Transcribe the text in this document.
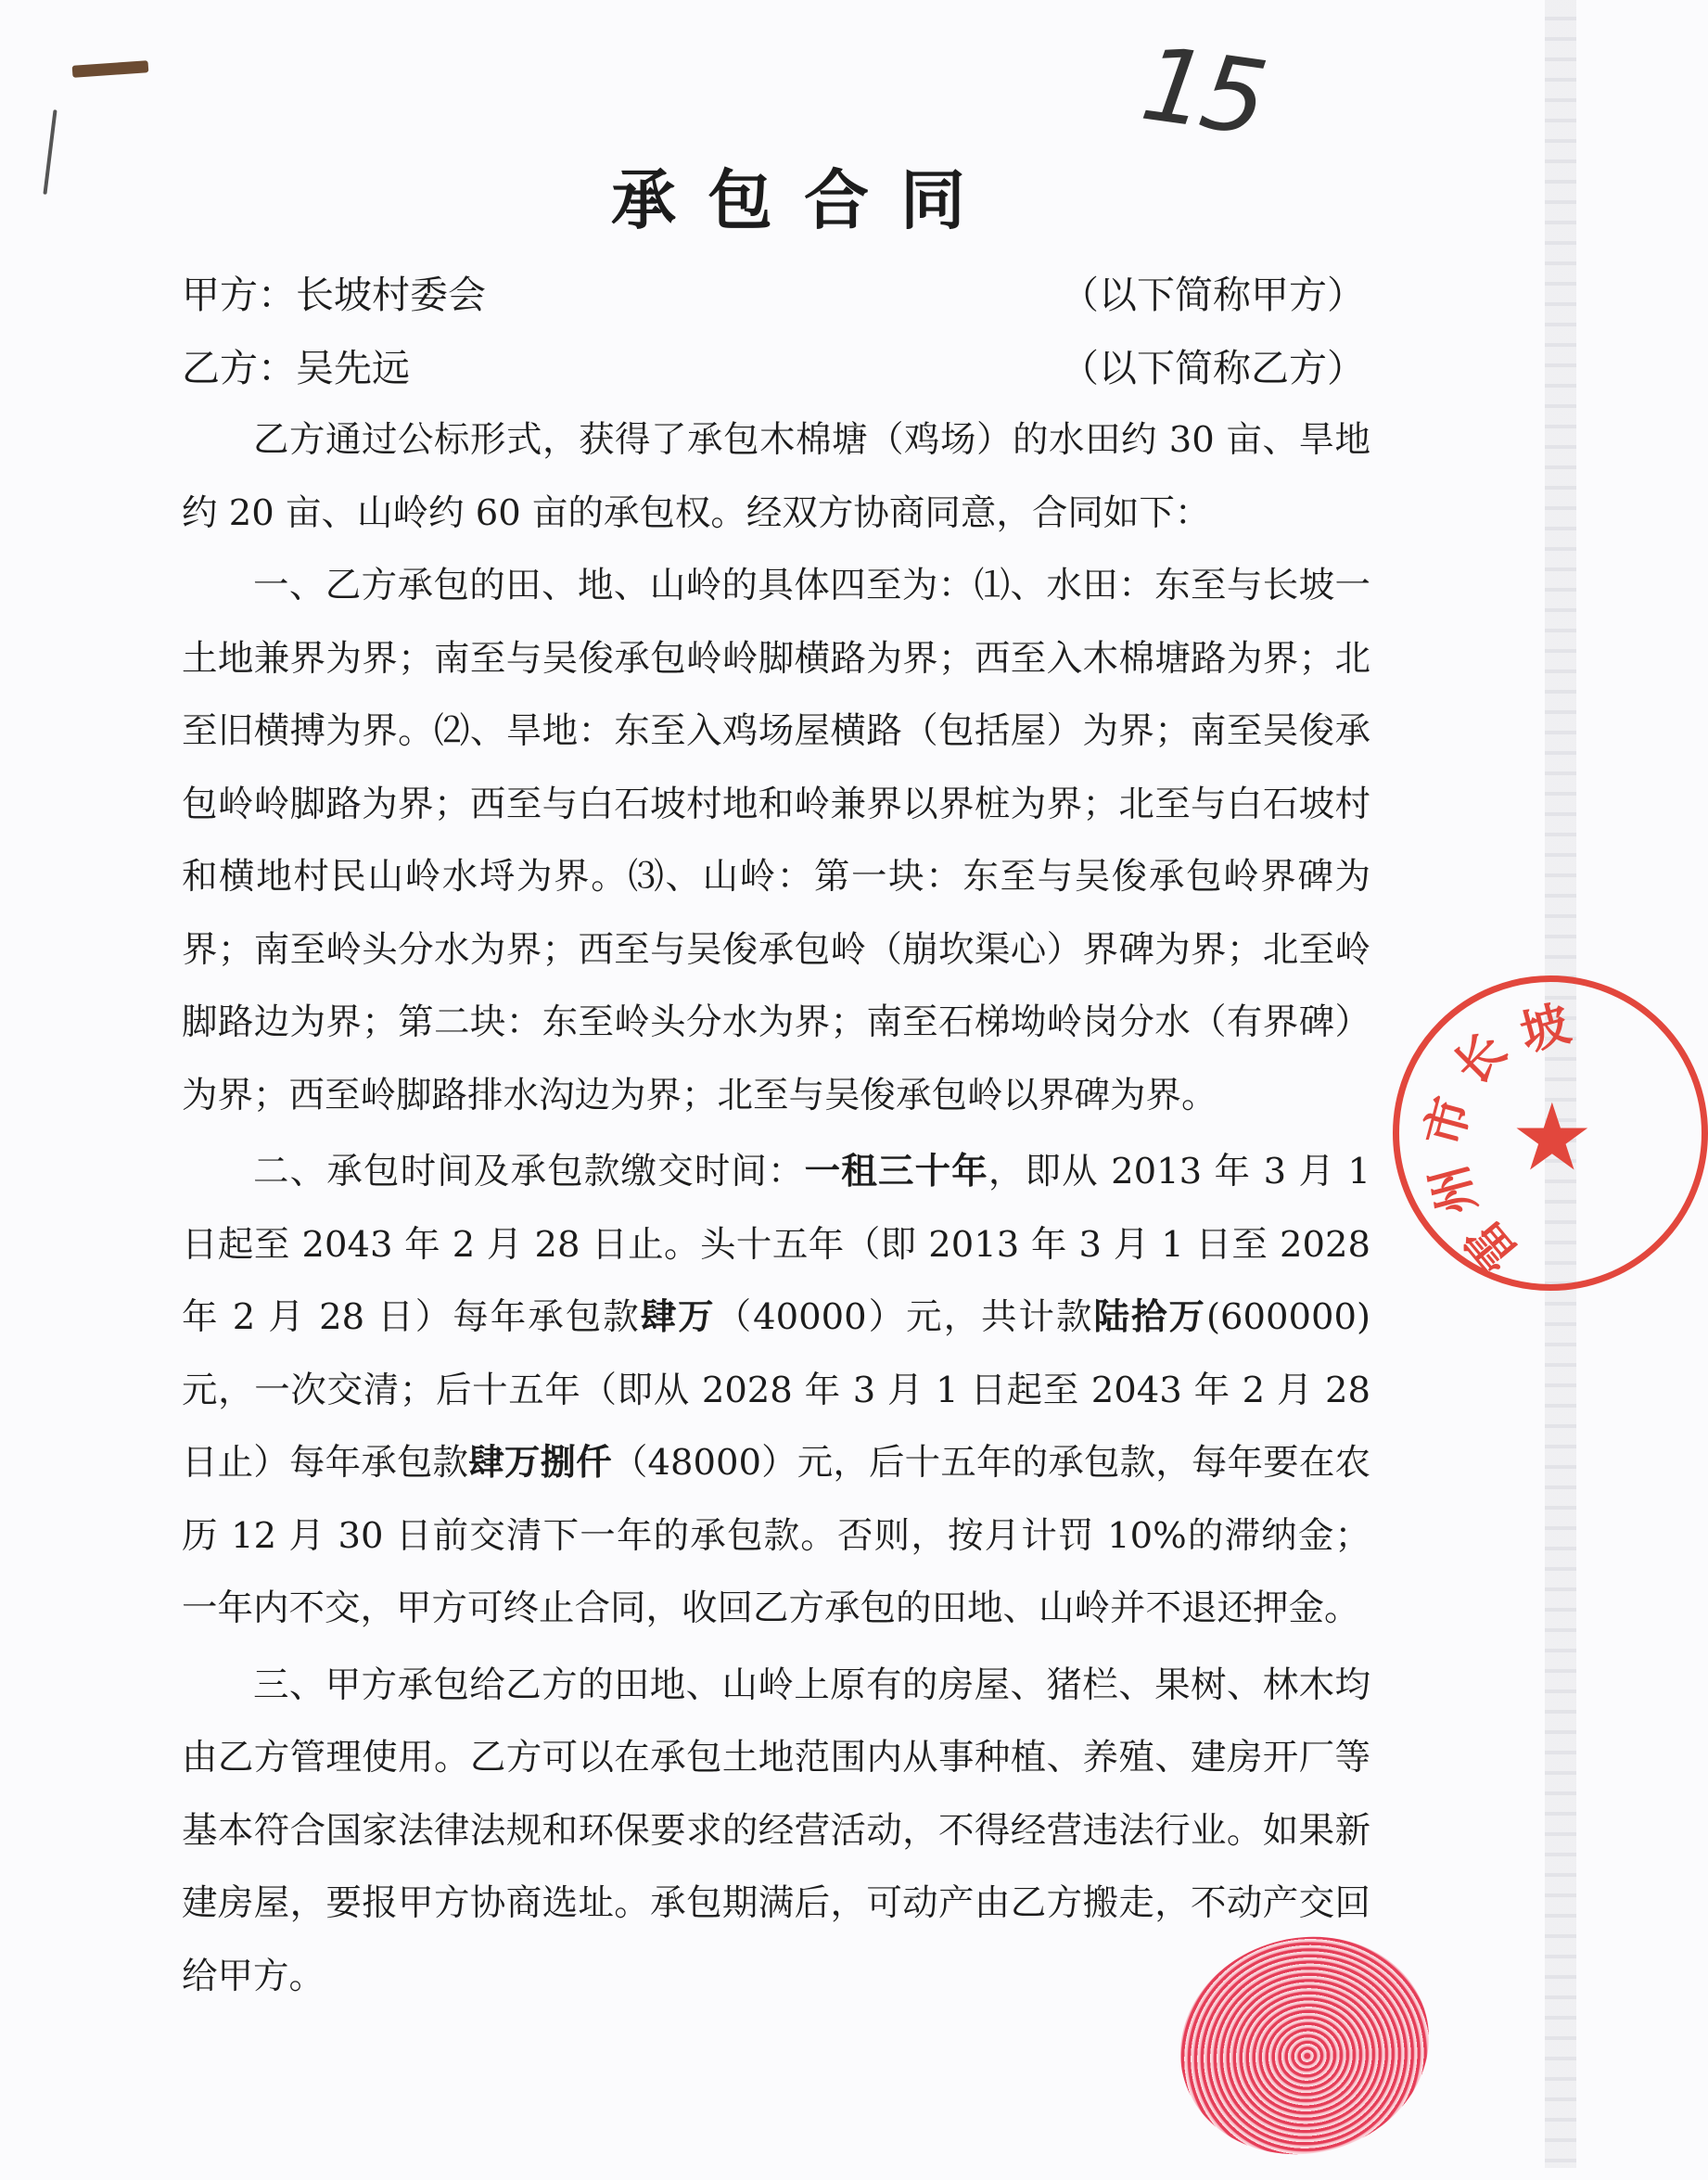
15
承包合同
甲方：长坡村委会	（以下简称甲方）
乙方：吴先远	（以下简称乙方）

乙方通过公标形式，获得了承包木棉塘（鸡场）的水田约 30 亩、旱地约 20 亩、山岭约 60 亩的承包权。经双方协商同意，合同如下：

一、乙方承包的田、地、山岭的具体四至为：⑴、水田：东至与长坡一土地兼界为界；南至与吴俊承包岭岭脚横路为界；西至入木棉塘路为界；北至旧横搏为界。⑵、旱地：东至入鸡场屋横路（包括屋）为界；南至吴俊承包岭岭脚路为界；西至与白石坡村地和岭兼界以界桩为界；北至与白石坡村和横地村民山岭水埒为界。⑶、山岭：第一块：东至与吴俊承包岭界碑为界；南至岭头分水为界；西至与吴俊承包岭（崩坎渠心）界碑为界；北至岭脚路边为界；第二块：东至岭头分水为界；南至石梯坳岭岗分水（有界碑）为界；西至岭脚路排水沟边为界；北至与吴俊承包岭以界碑为界。

二、承包时间及承包款缴交时间：一租三十年，即从 2013 年 3 月 1 日起至 2043 年 2 月 28 日止。头十五年（即 2013 年 3 月 1 日至 2028 年 2 月 28 日）每年承包款肆万（40000）元，共计款陆拾万(600000)元，一次交清；后十五年（即从 2028 年 3 月 1 日起至 2043 年 2 月 28 日止）每年承包款肆万捌仟（48000）元，后十五年的承包款，每年要在农历 12 月 30 日前交清下一年的承包款。否则，按月计罚 10%的滞纳金；一年内不交，甲方可终止合同，收回乙方承包的田地、山岭并不退还押金。

三、甲方承包给乙方的田地、山岭上原有的房屋、猪栏、果树、林木均由乙方管理使用。乙方可以在承包土地范围内从事种植、养殖、建房开厂等基本符合国家法律法规和环保要求的经营活动，不得经营违法行业。如果新建房屋，要报甲方协商选址。承包期满后，可动产由乙方搬走，不动产交回给甲方。

★
雷
州
市
长
坡
